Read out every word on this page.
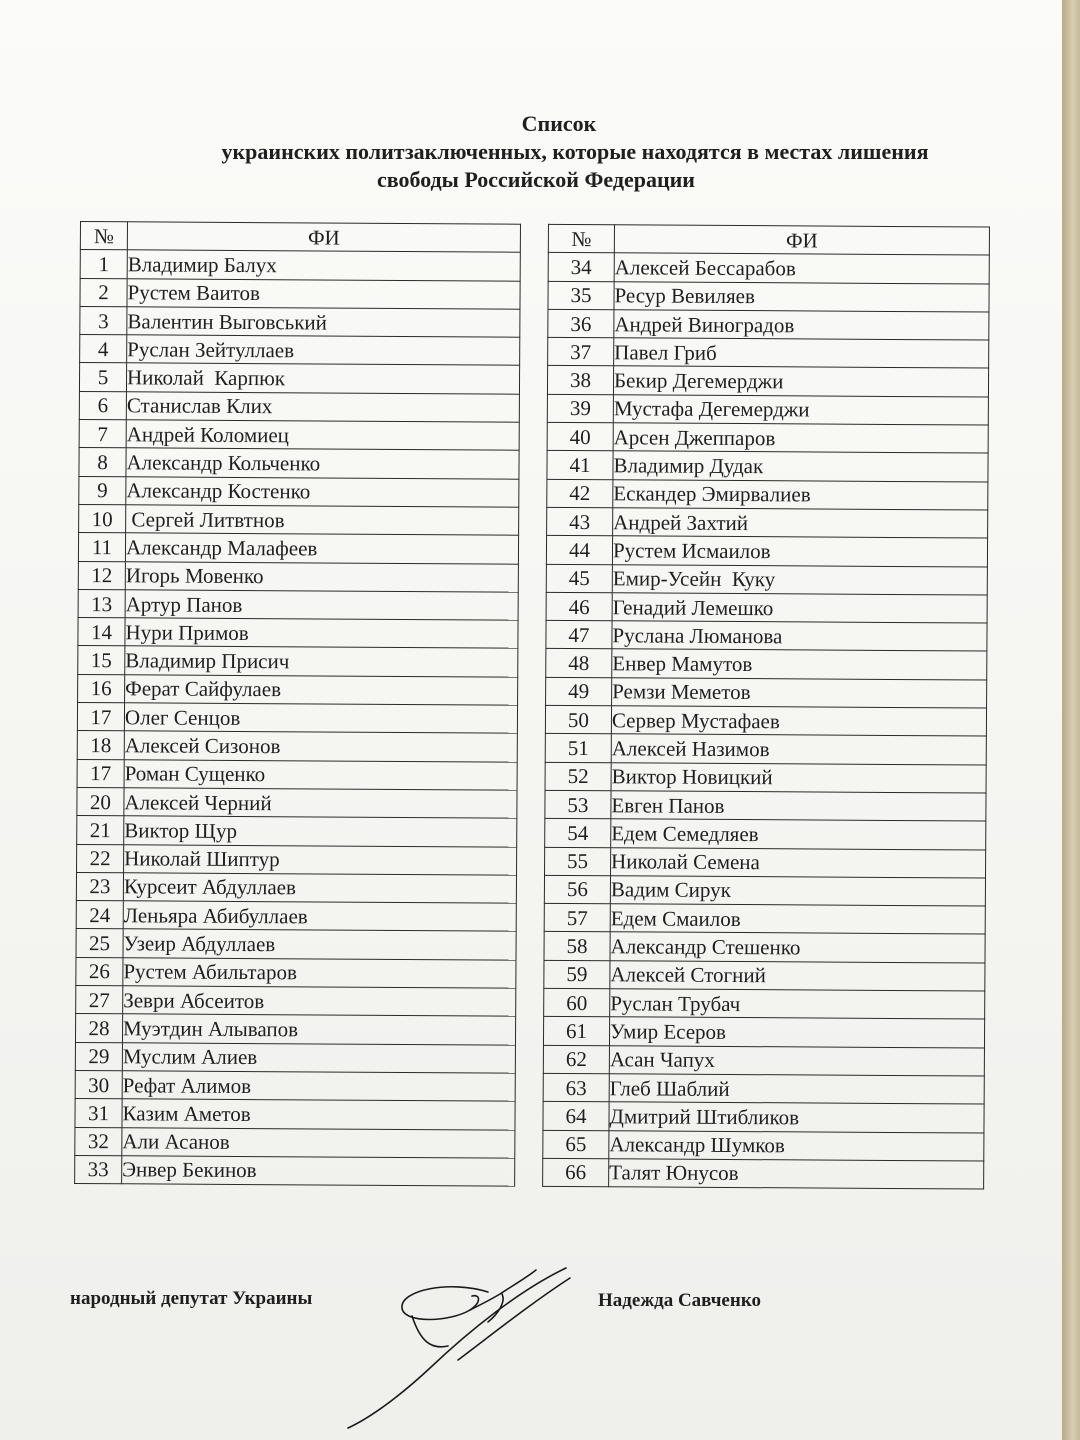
Список
украинских политзаключенных, которые находятся в местах лишения
свободы Российской Федерации
№	ФИ
1	Владимир Балух
2	Рустем Ваитов
3	Валентин Выговський
4	Руслан Зейтуллаев
5	Николай  Карпюк
6	Станислав Клих
7	Андрей Коломиец
8	Александр Кольченко
9	Александр Костенко
10	Сергей Литвтнов
11	Александр Малафеев
12	Игорь Мовенко
13	Артур Панов
14	Нури Примов
15	Владимир Присич
16	Ферат Сайфулаев
17	Олег Сенцов
18	Алексей Сизонов
17	Роман Сущенко
20	Алексей Черний
21	Виктор Щур
22	Николай Шиптур
23	Курсеит Абдуллаев
24	Леньяра Абибуллаев
25	Узеир Абдуллаев
26	Рустем Абильтаров
27	Зеври Абсеитов
28	Муэтдин Алывапов
29	Муслим Алиев
30	Рефат Алимов
31	Казим Аметов
32	Али Асанов
33	Энвер Бекинов
№	ФИ
34	Алексей Бессарабов
35	Ресур Вевиляев
36	Андрей Виноградов
37	Павел Гриб
38	Бекир Дегемерджи
39	Мустафа Дегемерджи
40	Арсен Джеппаров
41	Владимир Дудак
42	Ескандер Эмирвалиев
43	Андрей Захтий
44	Рустем Исмаилов
45	Емир-Усейн  Куку
46	Генадий Лемешко
47	Руслана Люманова
48	Енвер Мамутов
49	Ремзи Меметов
50	Сервер Мустафаев
51	Алексей Назимов
52	Виктор Новицкий
53	Евген Панов
54	Едем Семедляев
55	Николай Семена
56	Вадим Сирук
57	Едем Смаилов
58	Александр Стешенко
59	Алексей Стогний
60	Руслан Трубач
61	Умир Есеров
62	Асан Чапух
63	Глеб Шаблий
64	Дмитрий Штибликов
65	Александр Шумков
66	Талят Юнусов
народный депутат Украины	Надежда Савченко
